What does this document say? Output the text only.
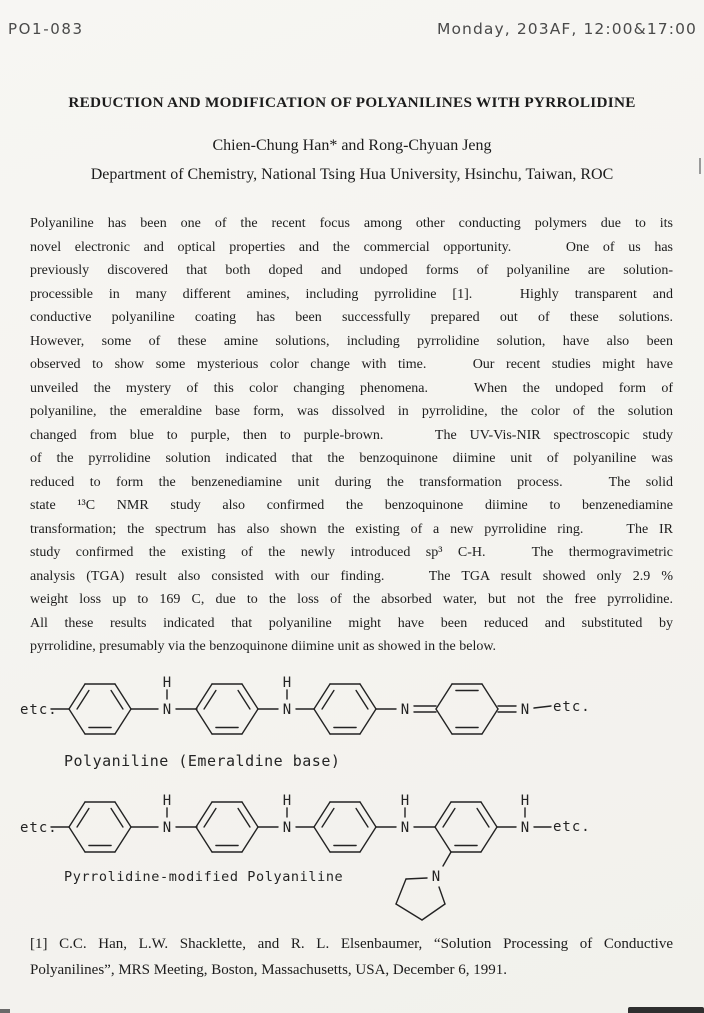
PO1-083	Monday, 203AF, 12:00&17:00
REDUCTION AND MODIFICATION OF POLYANILINES WITH PYRROLIDINE
Chien-Chung Han* and Rong-Chyuan Jeng
Department of Chemistry, National Tsing Hua University, Hsinchu, Taiwan, ROC
Polyaniline has been one of the recent focus among other conducting polymers due to its
novel electronic and optical properties and the commercial opportunity.    One of us has
previously discovered that both doped and undoped forms of polyaniline are solution-
processible in many different amines, including pyrrolidine [1].   Highly transparent and
conductive polyaniline coating has been successfully prepared out of these solutions.
However, some of these amine solutions, including pyrrolidine solution, have also been
observed to show some mysterious color change with time.    Our recent studies might have
unveiled the mystery of this color changing phenomena.   When the undoped form of
polyaniline, the emeraldine base form, was dissolved in pyrrolidine, the color of the solution
changed from blue to purple, then to purple-brown.    The UV-Vis-NIR spectroscopic study
of the pyrrolidine solution indicated that the benzoquinone diimine unit of polyaniline was
reduced to form the benzenediamine unit during the transformation process.   The solid
state ¹³C NMR study also confirmed the benzoquinone diimine to benzenediamine
transformation; the spectrum has also shown the existing of a new pyrrolidine ring.    The IR
study confirmed the existing of the newly introduced sp³ C-H.   The thermogravimetric
analysis (TGA) result also consisted with our finding.    The TGA result showed only 2.9 %
weight loss up to 169 C, due to the loss of the absorbed water, but not the free pyrrolidine.
All these results indicated that polyaniline might have been reduced and substituted by
pyrrolidine, presumably via the benzoquinone diimine unit as showed in the below.
N
H
N
H
N	N
etc.	etc.
Polyaniline (Emeraldine base)
N
H
N
H
N
H
N
H
N
etc.	etc.
Pyrrolidine-modified Polyaniline
[1] C.C. Han, L.W. Shacklette, and R. L. Elsenbaumer, “Solution Processing of Conductive
Polyanilines”, MRS Meeting, Boston, Massachusetts, USA, December 6, 1991.
